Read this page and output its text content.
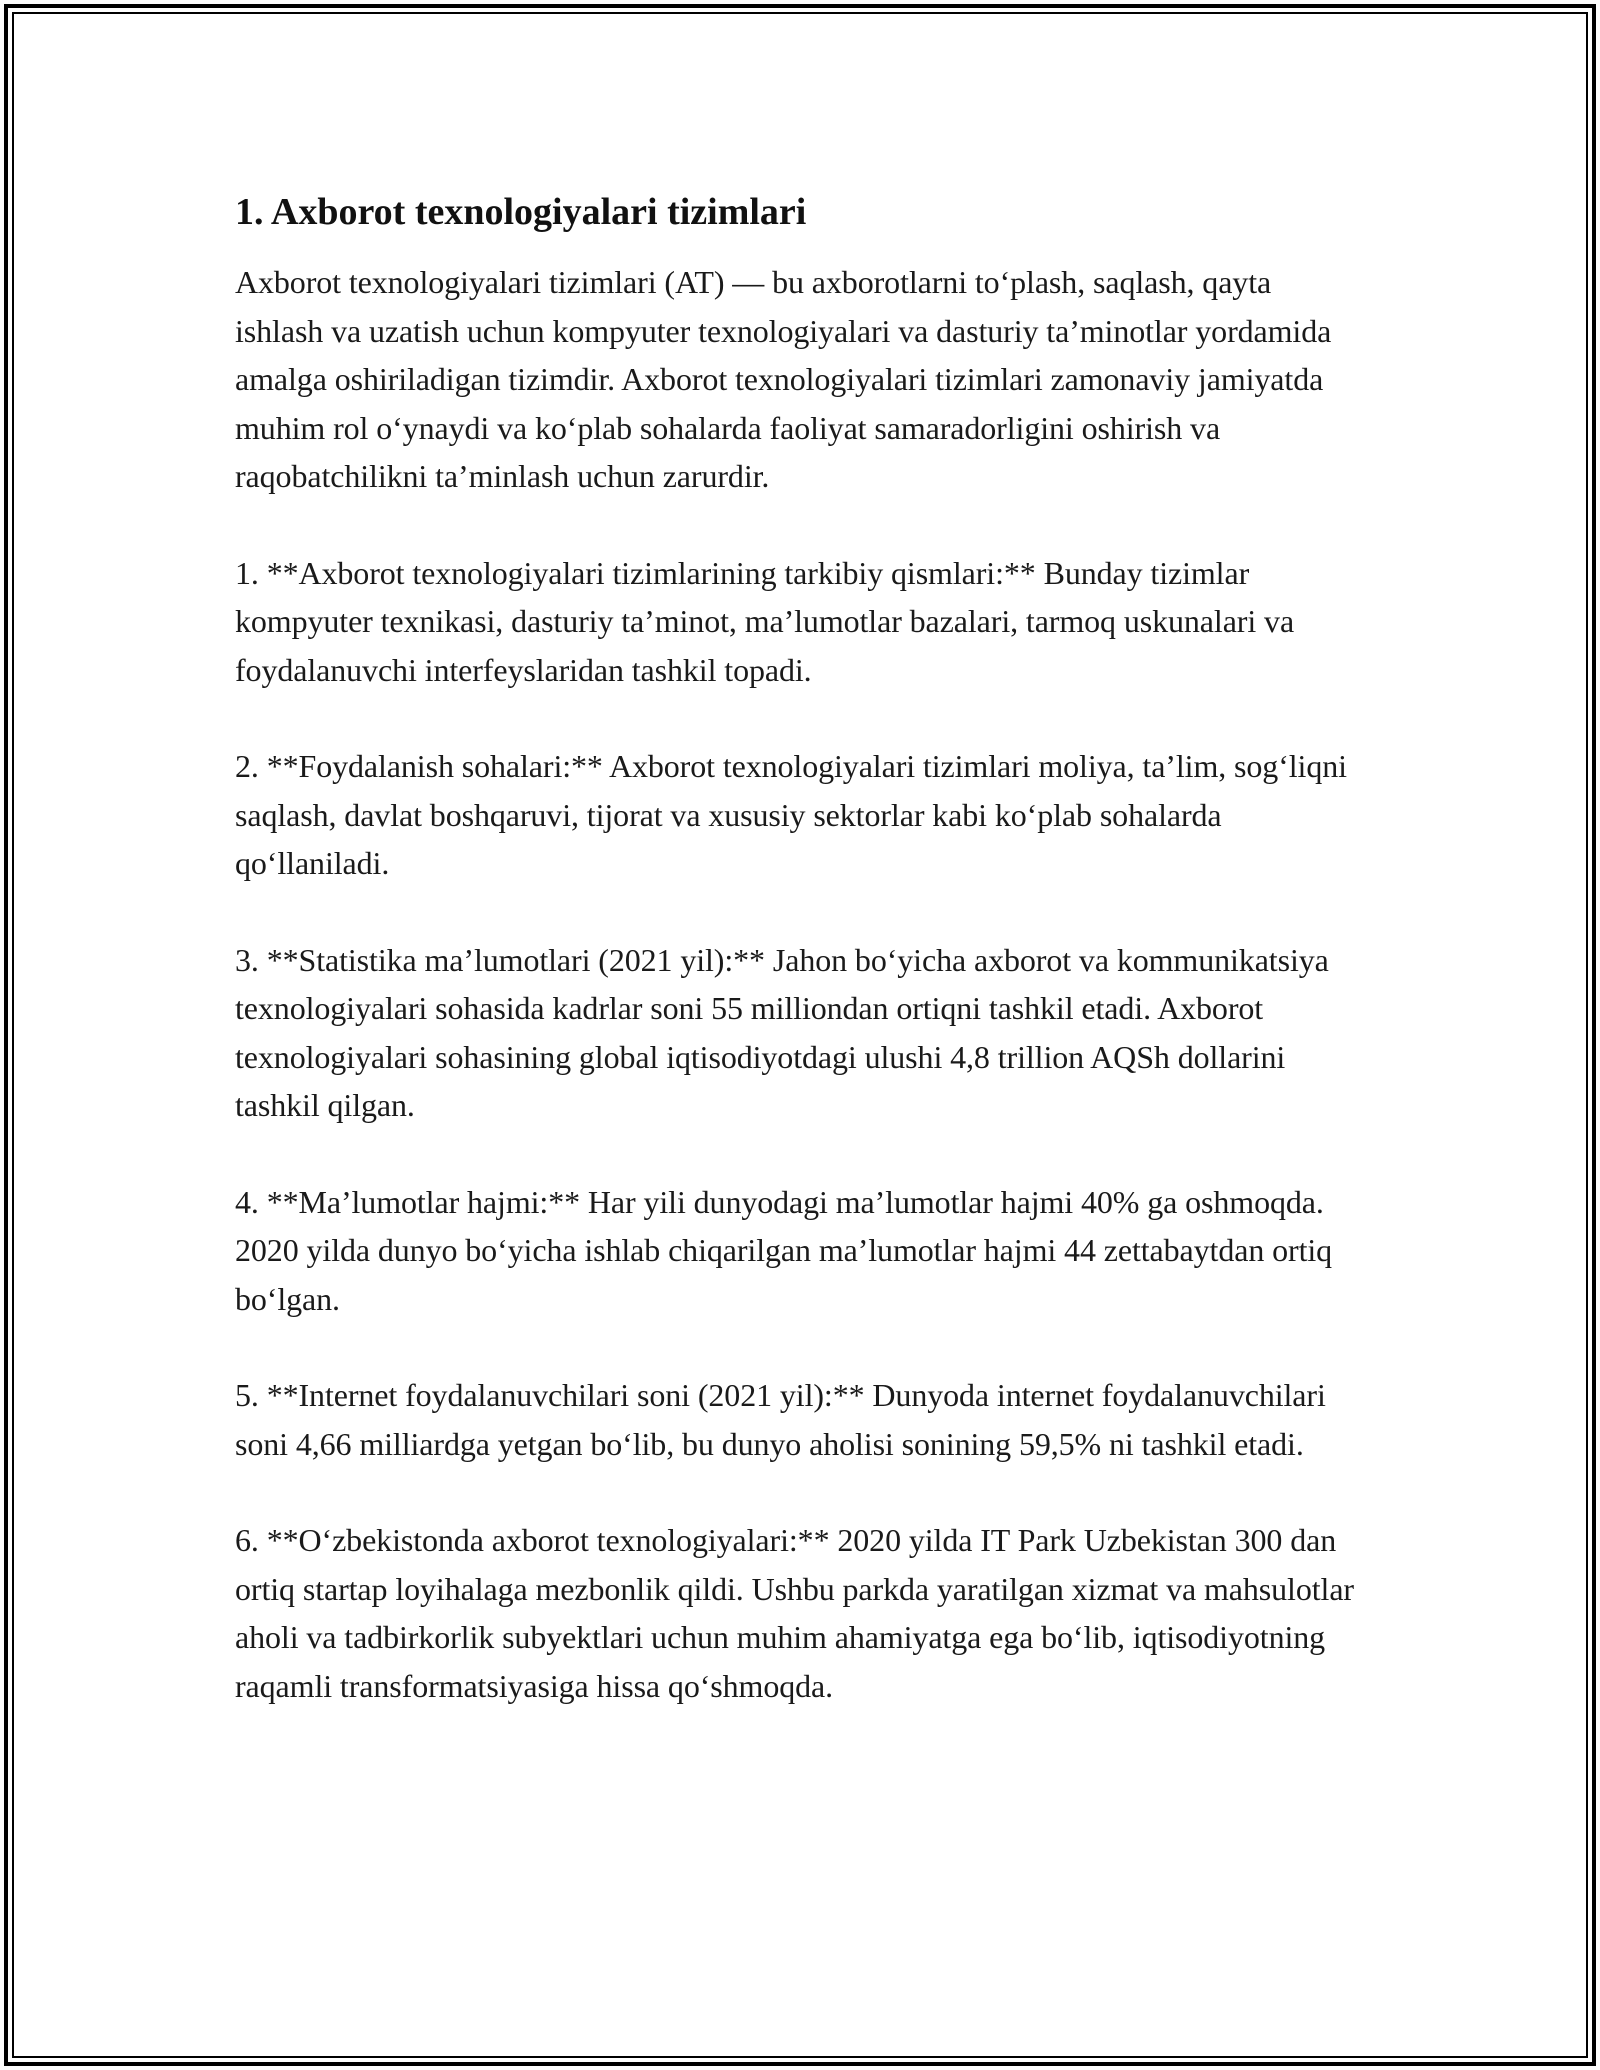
1. Axborot texnologiyalari tizimlari

Axborot texnologiyalari tizimlari (AT) — bu axborotlarni to‘plash, saqlash, qayta ishlash va uzatish uchun kompyuter texnologiyalari va dasturiy ta’minotlar yordamida amalga oshiriladigan tizimdir. Axborot texnologiyalari tizimlari zamonaviy jamiyatda muhim rol o‘ynaydi va ko‘plab sohalarda faoliyat samaradorligini oshirish va raqobatchilikni ta’minlash uchun zarurdir.

1. **Axborot texnologiyalari tizimlarining tarkibiy qismlari:** Bunday tizimlar kompyuter texnikasi, dasturiy ta’minot, ma’lumotlar bazalari, tarmoq uskunalari va foydalanuvchi interfeyslaridan tashkil topadi.

2. **Foydalanish sohalari:** Axborot texnologiyalari tizimlari moliya, ta’lim, sog‘liqni saqlash, davlat boshqaruvi, tijorat va xususiy sektorlar kabi ko‘plab sohalarda qo‘llaniladi.

3. **Statistika ma’lumotlari (2021 yil):** Jahon bo‘yicha axborot va kommunikatsiya texnologiyalari sohasida kadrlar soni 55 milliondan ortiqni tashkil etadi. Axborot texnologiyalari sohasining global iqtisodiyotdagi ulushi 4,8 trillion AQSh dollarini tashkil qilgan.

4. **Ma’lumotlar hajmi:** Har yili dunyodagi ma’lumotlar hajmi 40% ga oshmoqda. 2020 yilda dunyo bo‘yicha ishlab chiqarilgan ma’lumotlar hajmi 44 zettabaytdan ortiq bo‘lgan.

5. **Internet foydalanuvchilari soni (2021 yil):** Dunyoda internet foydalanuvchilari soni 4,66 milliardga yetgan bo‘lib, bu dunyo aholisi sonining 59,5% ni tashkil etadi.

6. **O‘zbekistonda axborot texnologiyalari:** 2020 yilda IT Park Uzbekistan 300 dan ortiq startap loyihalaga mezbonlik qildi. Ushbu parkda yaratilgan xizmat va mahsulotlar aholi va tadbirkorlik subyektlari uchun muhim ahamiyatga ega bo‘lib, iqtisodiyotning raqamli transformatsiyasiga hissa qo‘shmoqda.
